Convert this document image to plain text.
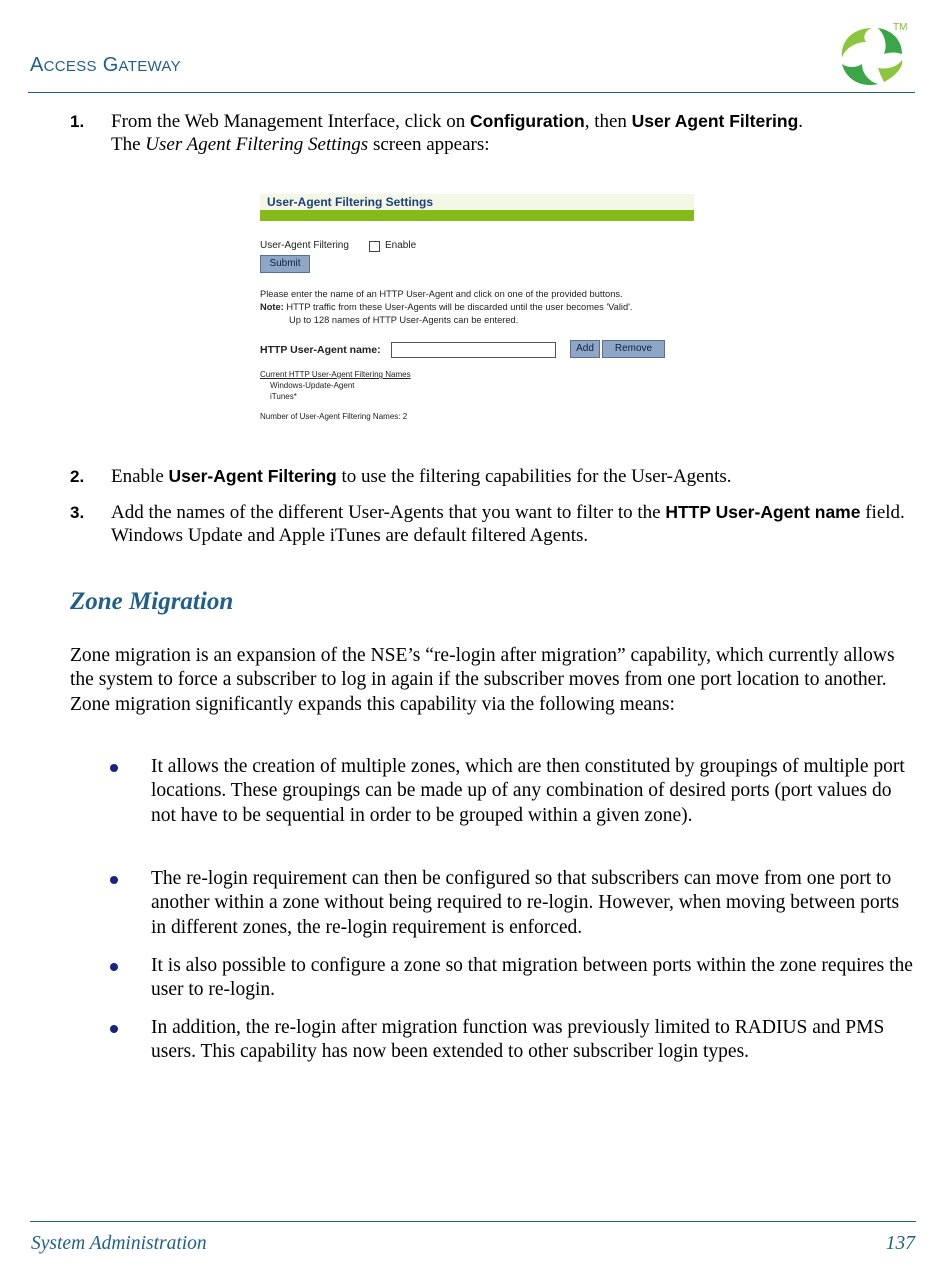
ACCESS GATEWAY
TM
1. From the Web Management Interface, click on Configuration, then User Agent Filtering.
The User Agent Filtering Settings screen appears:
User-Agent Filtering Settings
User-Agent Filtering	Enable
Submit
Please enter the name of an HTTP User-Agent and click on one of the provided buttons.
Note: HTTP traffic from these User-Agents will be discarded until the user becomes 'Valid'.
Up to 128 names of HTTP User-Agents can be entered.
HTTP User-Agent name:	Add	Remove
Current HTTP User-Agent Filtering Names
Windows-Update-Agent
iTunes*
Number of User-Agent Filtering Names: 2
2. Enable User-Agent Filtering to use the filtering capabilities for the User-Agents.
3. Add the names of the different User-Agents that you want to filter to the HTTP User-Agent name field. Windows Update and Apple iTunes are default filtered Agents.
Zone Migration
Zone migration is an expansion of the NSE’s “re-login after migration” capability, which currently allows the system to force a subscriber to log in again if the subscriber moves from one port location to another. Zone migration significantly expands this capability via the following means:
It allows the creation of multiple zones, which are then constituted by groupings of multiple port locations. These groupings can be made up of any combination of desired ports (port values do not have to be sequential in order to be grouped within a given zone).
The re-login requirement can then be configured so that subscribers can move from one port to another within a zone without being required to re-login. However, when moving between ports in different zones, the re-login requirement is enforced.
It is also possible to configure a zone so that migration between ports within the zone requires the user to re-login.
In addition, the re-login after migration function was previously limited to RADIUS and PMS users. This capability has now been extended to other subscriber login types.
System Administration	137
